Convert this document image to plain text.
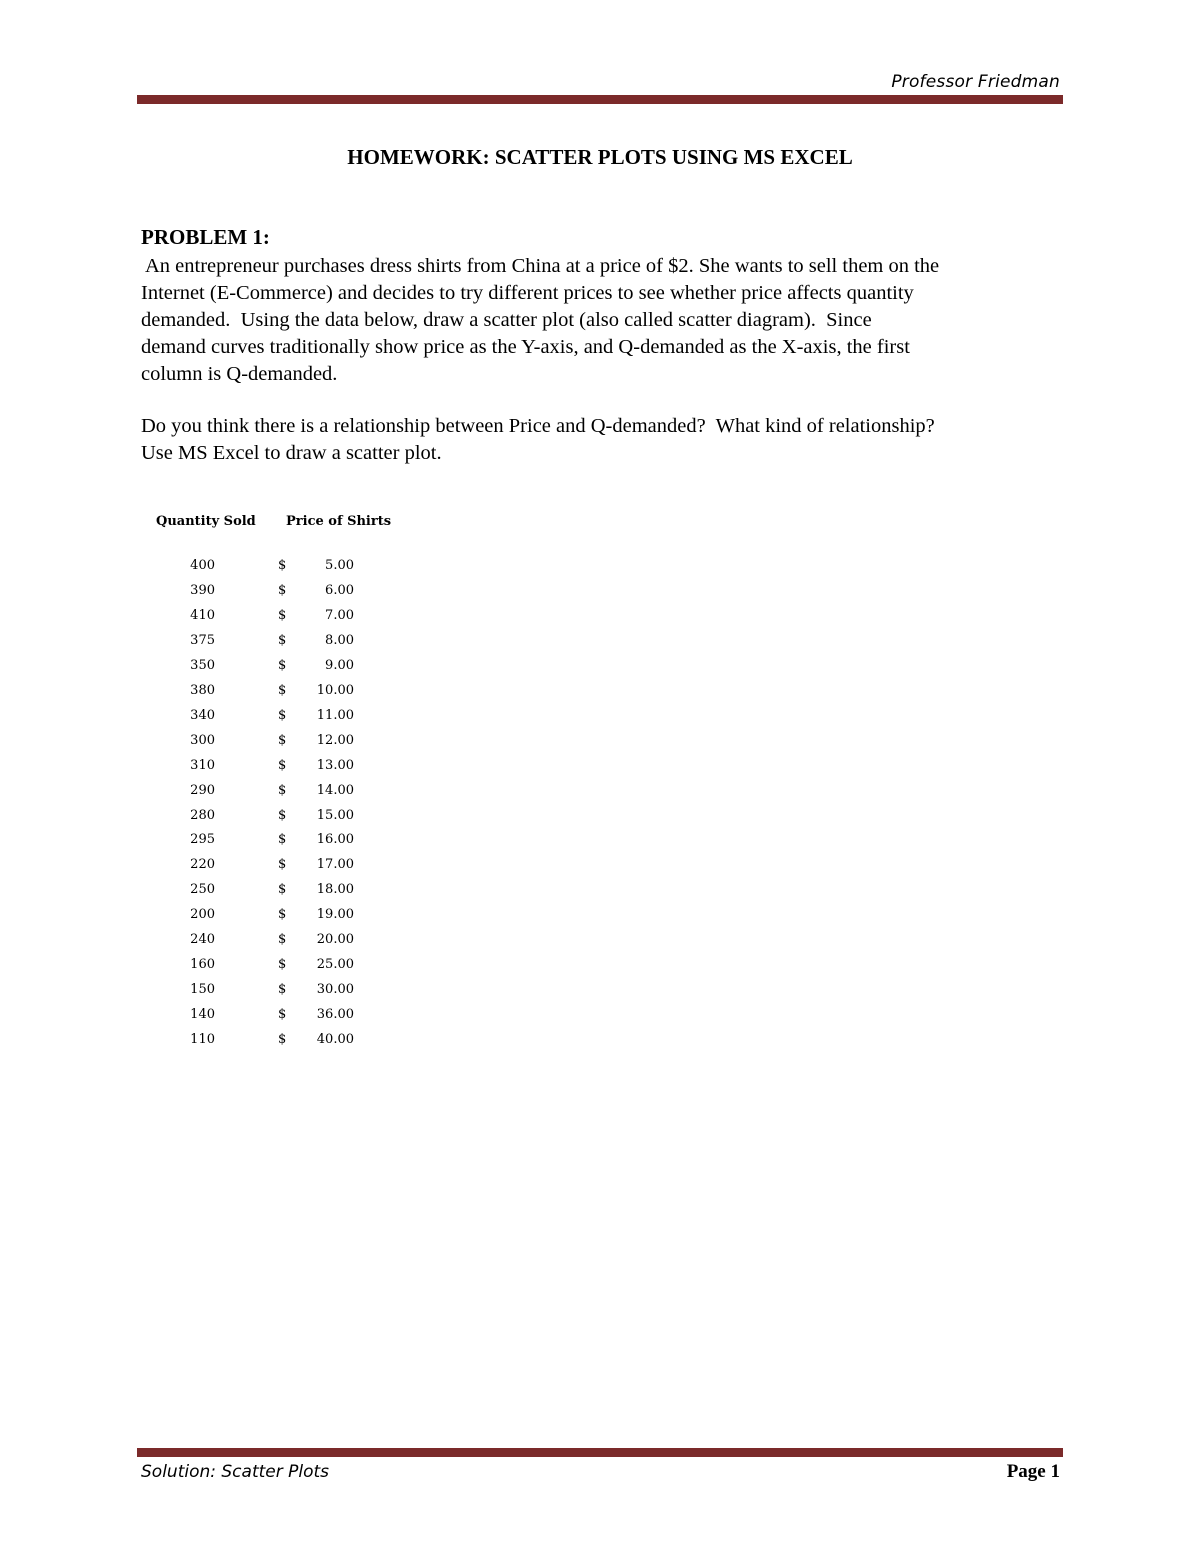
Professor Friedman
HOMEWORK: SCATTER PLOTS USING MS EXCEL
PROBLEM 1:
An entrepreneur purchases dress shirts from China at a price of $2. She wants to sell them on the
Internet (E-Commerce) and decides to try different prices to see whether price affects quantity
demanded.  Using the data below, draw a scatter plot (also called scatter diagram).  Since
demand curves traditionally show price as the Y-axis, and Q-demanded as the X-axis, the first
column is Q-demanded.
Do you think there is a relationship between Price and Q-demanded?  What kind of relationship?
Use MS Excel to draw a scatter plot.
Quantity Sold Price of Shirts
400	$	5.00
390	$	6.00
410	$	7.00
375	$	8.00
350	$	9.00
380	$	10.00
340	$	11.00
300	$	12.00
310	$	13.00
290	$	14.00
280	$	15.00
295	$	16.00
220	$	17.00
250	$	18.00
200	$	19.00
240	$	20.00
160	$	25.00
150	$	30.00
140	$	36.00
110	$	40.00
Solution: Scatter Plots	Page 1
